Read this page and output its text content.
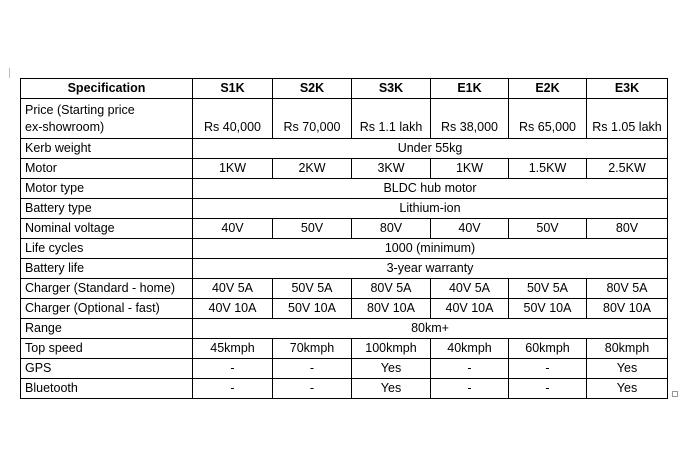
Specification	S1K	S2K	S3K	E1K	E2K	E3K
Price (Starting price
ex-showroom)	Rs 40,000	Rs 70,000	Rs 1.1 lakh	Rs 38,000	Rs 65,000	Rs 1.05 lakh
Kerb weight	Under 55kg					
Motor	1KW	2KW	3KW	1KW	1.5KW	2.5KW
Motor type	BLDC hub motor					
Battery type	Lithium-ion					
Nominal voltage	40V	50V	80V	40V	50V	80V
Life cycles	1000 (minimum)					
Battery life	3-year warranty					
Charger (Standard - home)	40V 5A	50V 5A	80V 5A	40V 5A	50V 5A	80V 5A
Charger (Optional - fast)	40V 10A	50V 10A	80V 10A	40V 10A	50V 10A	80V 10A
Range	80km+					
Top speed	45kmph	70kmph	100kmph	40kmph	60kmph	80kmph
GPS	-	-	Yes	-	-	Yes
Bluetooth	-	-	Yes	-	-	Yes
